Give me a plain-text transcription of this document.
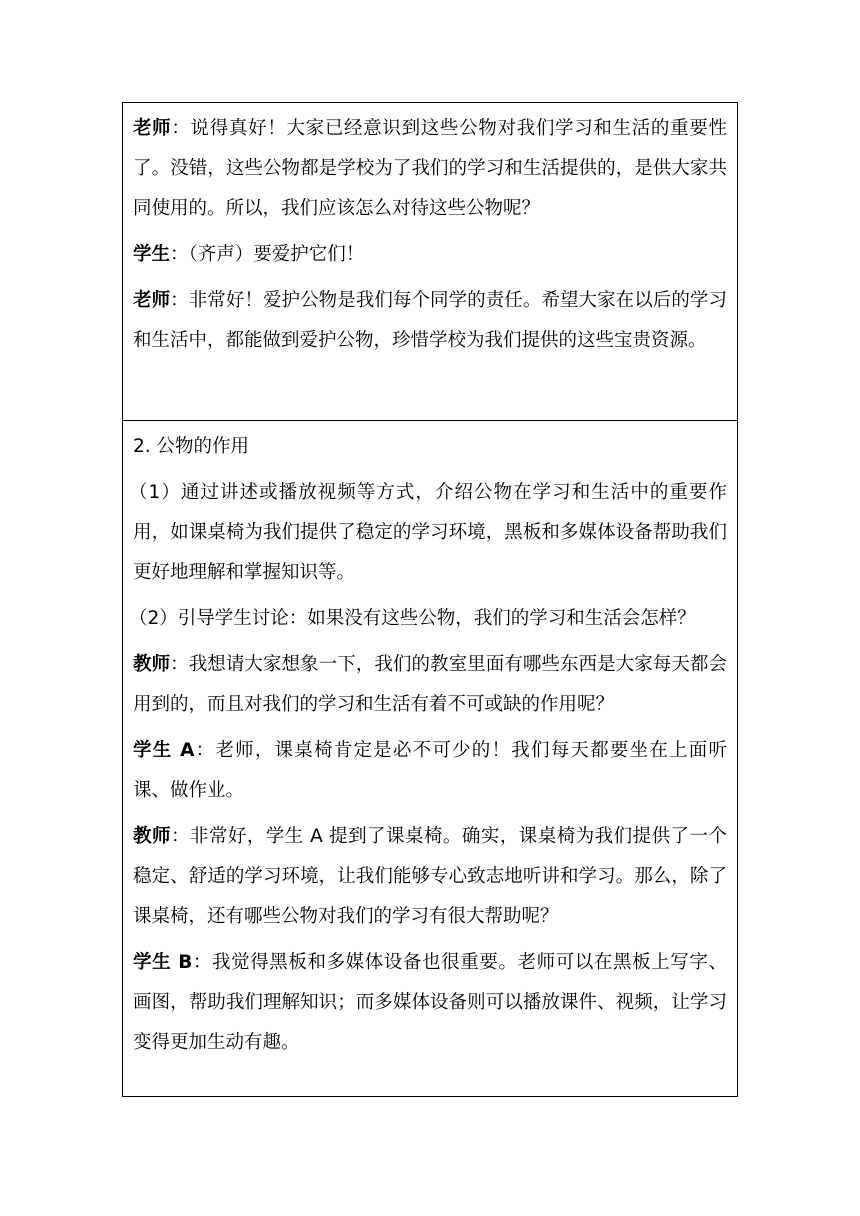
老师：说得真好！大家已经意识到这些公物对我们学习和生活的重要性了。没错，这些公物都是学校为了我们的学习和生活提供的，是供大家共同使用的。所以，我们应该怎么对待这些公物呢？

学生：（齐声）要爱护它们！

老师：非常好！爱护公物是我们每个同学的责任。希望大家在以后的学习和生活中，都能做到爱护公物，珍惜学校为我们提供的这些宝贵资源。

2. 公物的作用

（1）通过讲述或播放视频等方式，介绍公物在学习和生活中的重要作用，如课桌椅为我们提供了稳定的学习环境，黑板和多媒体设备帮助我们更好地理解和掌握知识等。

（2）引导学生讨论：如果没有这些公物，我们的学习和生活会怎样？

教师：我想请大家想象一下，我们的教室里面有哪些东西是大家每天都会用到的，而且对我们的学习和生活有着不可或缺的作用呢？

学生 A：老师，课桌椅肯定是必不可少的！我们每天都要坐在上面听课、做作业。

教师：非常好，学生 A 提到了课桌椅。确实，课桌椅为我们提供了一个稳定、舒适的学习环境，让我们能够专心致志地听讲和学习。那么，除了课桌椅，还有哪些公物对我们的学习有很大帮助呢？

学生 B：我觉得黑板和多媒体设备也很重要。老师可以在黑板上写字、画图，帮助我们理解知识；而多媒体设备则可以播放课件、视频，让学习变得更加生动有趣。
